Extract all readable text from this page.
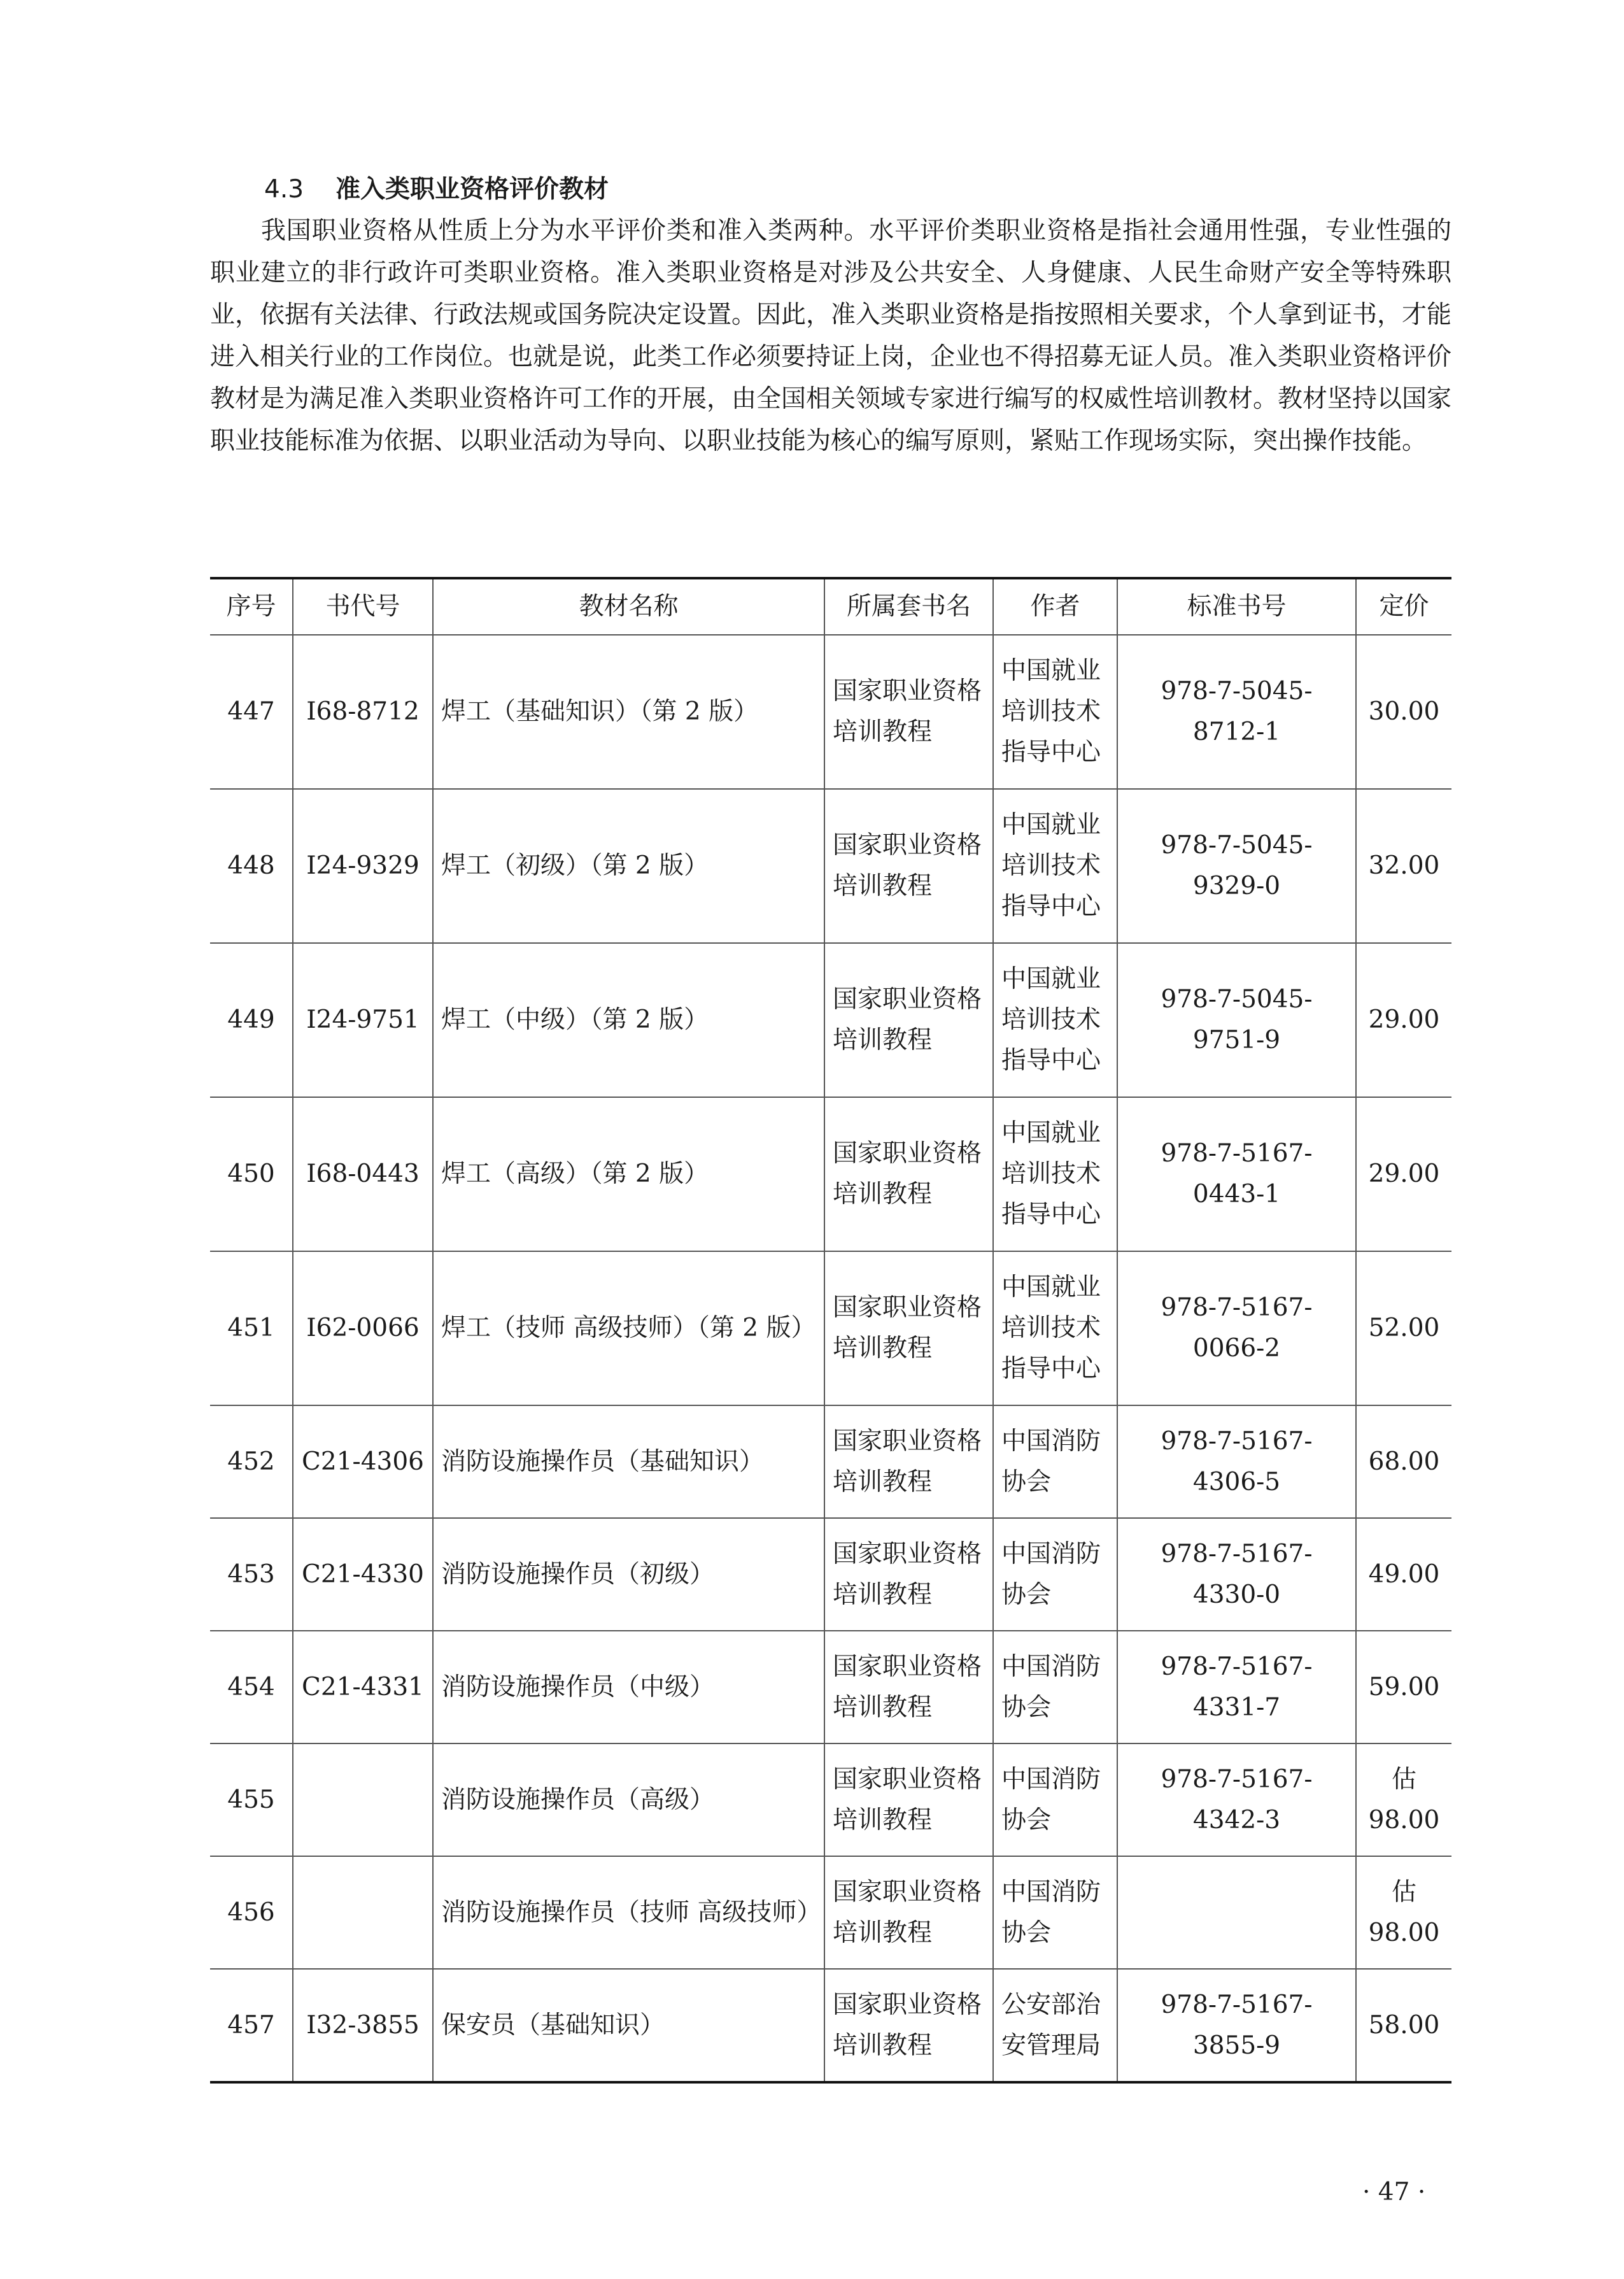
4.3 准入类职业资格评价教材

我国职业资格从性质上分为水平评价类和准入类两种。水平评价类职业资格是指社会通用性强，专业性强的职业建立的非行政许可类职业资格。准入类职业资格是对涉及公共安全、人身健康、人民生命财产安全等特殊职业，依据有关法律、行政法规或国务院决定设置。因此，准入类职业资格是指按照相关要求，个人拿到证书，才能进入相关行业的工作岗位。也就是说，此类工作必须要持证上岗，企业也不得招募无证人员。准入类职业资格评价教材是为满足准入类职业资格许可工作的开展，由全国相关领域专家进行编写的权威性培训教材。教材坚持以国家职业技能标准为依据、以职业活动为导向、以职业技能为核心的编写原则，紧贴工作现场实际，突出操作技能。

序号	书代号	教材名称	所属套书名	作者	标准书号	定价
447	I68-8712	焊工（基础知识）（第 2 版）	国家职业资格培训教程	中国就业培训技术指导中心	978-7-5045-8712-1	30.00
448	I24-9329	焊工（初级）（第 2 版）	国家职业资格培训教程	中国就业培训技术指导中心	978-7-5045-9329-0	32.00
449	I24-9751	焊工（中级）（第 2 版）	国家职业资格培训教程	中国就业培训技术指导中心	978-7-5045-9751-9	29.00
450	I68-0443	焊工（高级）（第 2 版）	国家职业资格培训教程	中国就业培训技术指导中心	978-7-5167-0443-1	29.00
451	I62-0066	焊工（技师 高级技师）（第 2 版）	国家职业资格培训教程	中国就业培训技术指导中心	978-7-5167-0066-2	52.00
452	C21-4306	消防设施操作员（基础知识）	国家职业资格培训教程	中国消防协会	978-7-5167-4306-5	68.00
453	C21-4330	消防设施操作员（初级）	国家职业资格培训教程	中国消防协会	978-7-5167-4330-0	49.00
454	C21-4331	消防设施操作员（中级）	国家职业资格培训教程	中国消防协会	978-7-5167-4331-7	59.00
455		消防设施操作员（高级）	国家职业资格培训教程	中国消防协会	978-7-5167-4342-3	估 98.00
456		消防设施操作员（技师 高级技师）	国家职业资格培训教程	中国消防协会		估 98.00
457	I32-3855	保安员（基础知识）	国家职业资格培训教程	公安部治安管理局	978-7-5167-3855-9	58.00
· 47 ·
